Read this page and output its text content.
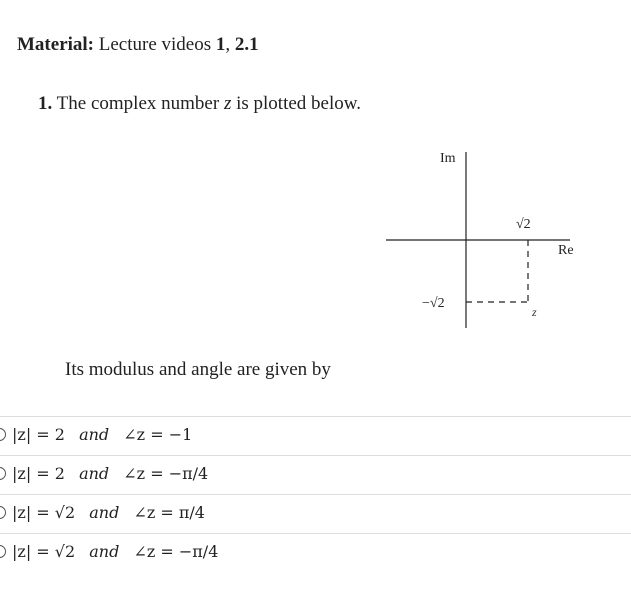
Material: Lecture videos 1, 2.1
1. The complex number z is plotted below.
Im
Re
√2
−√2
z
Its modulus and angle are given by
|z| = 2 and ∠z = −1
|z| = 2 and ∠z = −π/4
|z| = √2 and ∠z = π/4
|z| = √2 and ∠z = −π/4
